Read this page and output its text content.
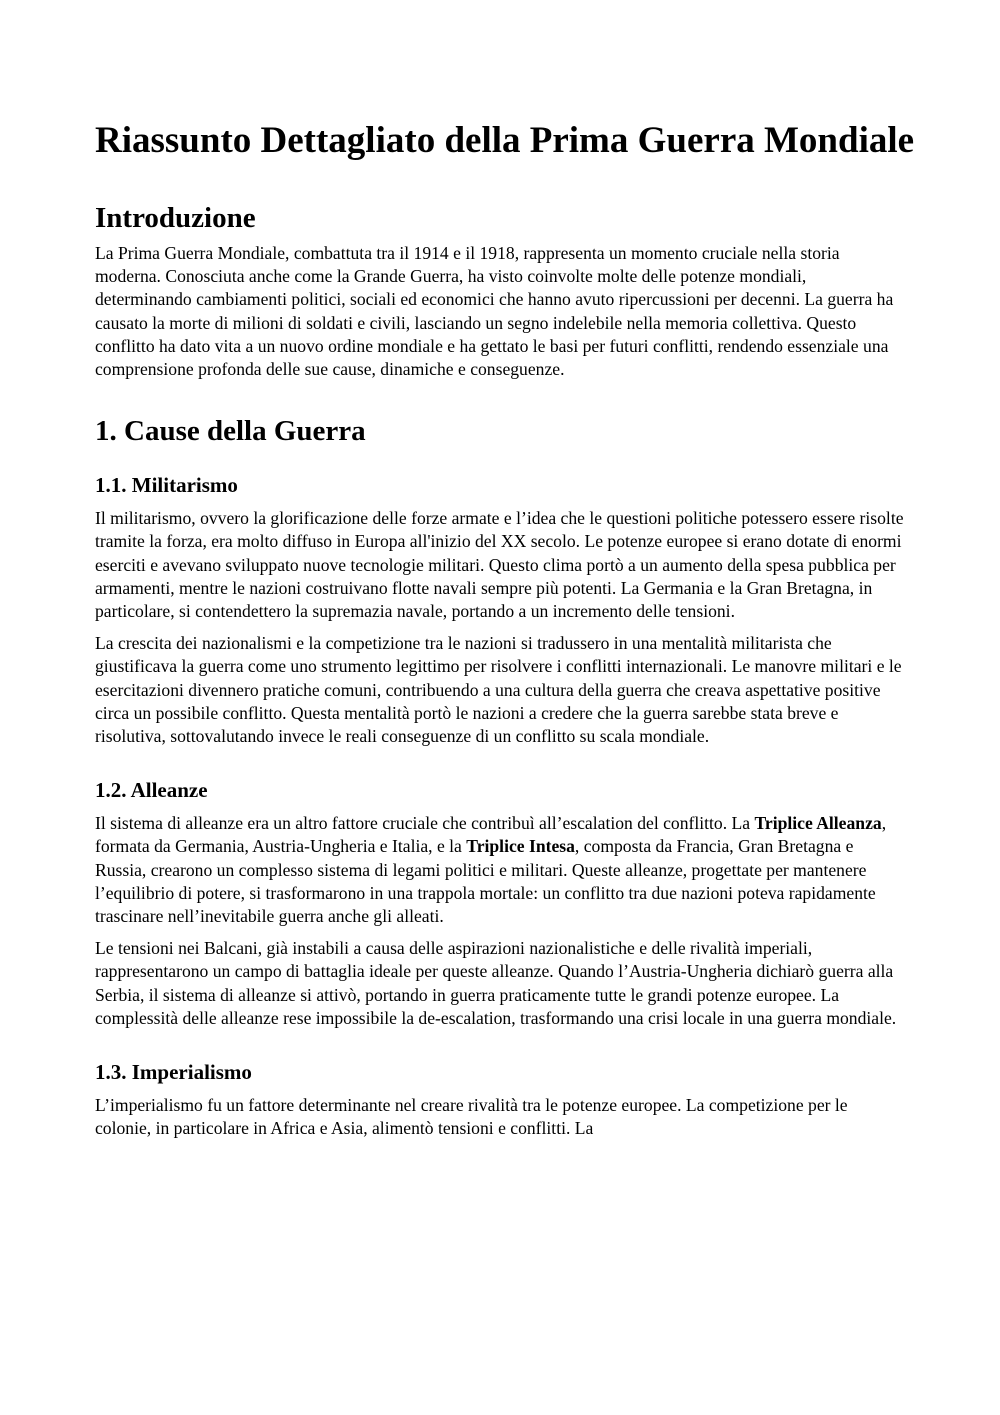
Riassunto Dettagliato della Prima Guerra Mondiale
Introduzione

La Prima Guerra Mondiale, combattuta tra il 1914 e il 1918, rappresenta un momento cruciale nella storia moderna. Conosciuta anche come la Grande Guerra, ha visto coinvolte molte delle potenze mondiali, determinando cambiamenti politici, sociali ed economici che hanno avuto ripercussioni per decenni. La guerra ha causato la morte di milioni di soldati e civili, lasciando un segno indelebile nella memoria collettiva. Questo conflitto ha dato vita a un nuovo ordine mondiale e ha gettato le basi per futuri conflitti, rendendo essenziale una comprensione profonda delle sue cause, dinamiche e conseguenze.

1. Cause della Guerra
1.1. Militarismo

Il militarismo, ovvero la glorificazione delle forze armate e l’idea che le questioni politiche potessero essere risolte tramite la forza, era molto diffuso in Europa all'inizio del XX secolo. Le potenze europee si erano dotate di enormi eserciti e avevano sviluppato nuove tecnologie militari. Questo clima portò a un aumento della spesa pubblica per armamenti, mentre le nazioni costruivano flotte navali sempre più potenti. La Germania e la Gran Bretagna, in particolare, si contendettero la supremazia navale, portando a un incremento delle tensioni.

La crescita dei nazionalismi e la competizione tra le nazioni si tradussero in una mentalità militarista che giustificava la guerra come uno strumento legittimo per risolvere i conflitti internazionali. Le manovre militari e le esercitazioni divennero pratiche comuni, contribuendo a una cultura della guerra che creava aspettative positive circa un possibile conflitto. Questa mentalità portò le nazioni a credere che la guerra sarebbe stata breve e risolutiva, sottovalutando invece le reali conseguenze di un conflitto su scala mondiale.

1.2. Alleanze

Il sistema di alleanze era un altro fattore cruciale che contribuì all’escalation del conflitto. La Triplice Alleanza, formata da Germania, Austria-Ungheria e Italia, e la Triplice Intesa, composta da Francia, Gran Bretagna e Russia, crearono un complesso sistema di legami politici e militari. Queste alleanze, progettate per mantenere l’equilibrio di potere, si trasformarono in una trappola mortale: un conflitto tra due nazioni poteva rapidamente trascinare nell’inevitabile guerra anche gli alleati.

Le tensioni nei Balcani, già instabili a causa delle aspirazioni nazionalistiche e delle rivalità imperiali, rappresentarono un campo di battaglia ideale per queste alleanze. Quando l’Austria-Ungheria dichiarò guerra alla Serbia, il sistema di alleanze si attivò, portando in guerra praticamente tutte le grandi potenze europee. La complessità delle alleanze rese impossibile la de-escalation, trasformando una crisi locale in una guerra mondiale.

1.3. Imperialismo

L’imperialismo fu un fattore determinante nel creare rivalità tra le potenze europee. La competizione per le colonie, in particolare in Africa e Asia, alimentò tensioni e conflitti. La
